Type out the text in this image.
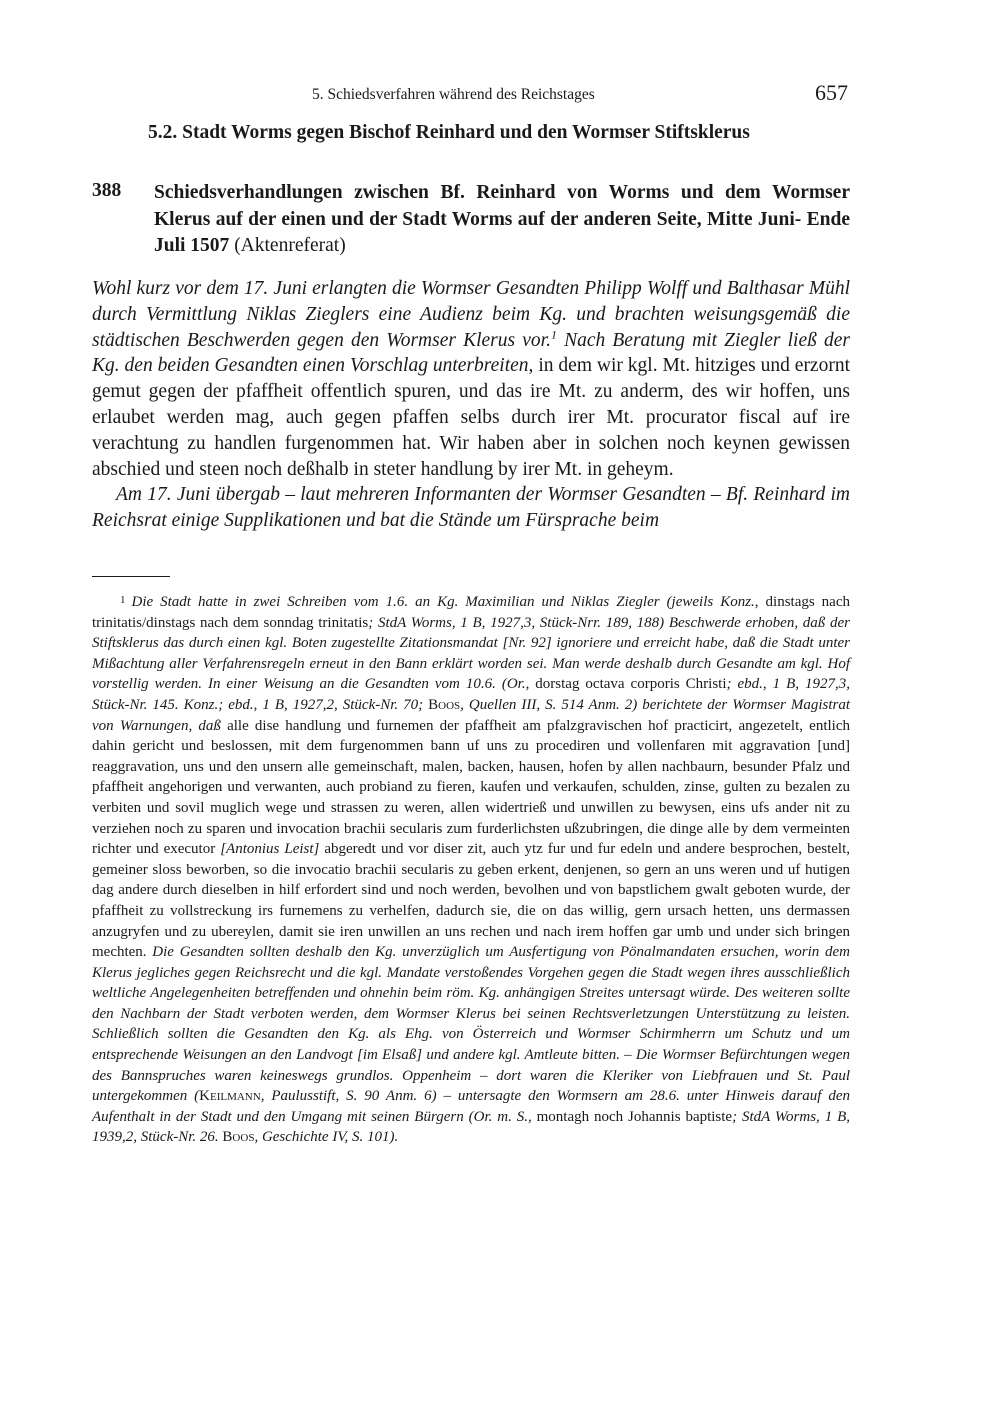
5. Schiedsverfahren während des Reichstages	657
5.2. Stadt Worms gegen Bischof Reinhard und den Wormser Stiftsklerus
388 Schiedsverhandlungen zwischen Bf. Reinhard von Worms und dem Wormser Klerus auf der einen und der Stadt Worms auf der anderen Seite, Mitte Juni- Ende Juli 1507 (Aktenreferat)

Wohl kurz vor dem 17. Juni erlangten die Wormser Gesandten Philipp Wolff und Balthasar Mühl durch Vermittlung Niklas Zieglers eine Audienz beim Kg. und brachten weisungsgemäß die städtischen Beschwerden gegen den Wormser Klerus vor.$^1$ Nach Beratung mit Ziegler ließ der Kg. den beiden Gesandten einen Vorschlag unterbreiten, in dem wir kgl. Mt. hitziges und erzornt gemut gegen der pfaffheit offentlich spuren, und das ire Mt. zu anderm, des wir hoffen, uns erlaubet werden mag, auch gegen pfaffen selbs durch irer Mt. procurator fiscal auf ire verachtung zu handlen furgenommen hat. Wir haben aber in solchen noch keynen gewissen abschied und steen noch deßhalb in steter handlung by irer Mt. in geheym.

Am 17. Juni übergab – laut mehreren Informanten der Wormser Gesandten – Bf. Reinhard im Reichsrat einige Supplikationen und bat die Stände um Fürsprache beim

$^1$ Die Stadt hatte in zwei Schreiben vom 1.6. an Kg. Maximilian und Niklas Ziegler (jeweils Konz., dinstags nach trinitatis/dinstags nach dem sonndag trinitatis; StdA Worms, 1 B, 1927,3, Stück-Nrr. 189, 188) Beschwerde erhoben, daß der Stiftsklerus das durch einen kgl. Boten zugestellte Zitationsmandat [Nr. 92] ignoriere und erreicht habe, daß die Stadt unter Mißachtung aller Verfahrensregeln erneut in den Bann erklärt worden sei. Man werde deshalb durch Gesandte am kgl. Hof vorstellig werden. In einer Weisung an die Gesandten vom 10.6. (Or., dorstag octava corporis Christi; ebd., 1 B, 1927,3, Stück-Nr. 145. Konz.; ebd., 1 B, 1927,2, Stück-Nr. 70; Boos, Quellen III, S. 514 Anm. 2) berichtete der Wormser Magistrat von Warnungen, daß alle dise handlung und furnemen der pfaffheit am pfalzgravischen hof practicirt, angezetelt, entlich dahin gericht und beslossen, mit dem furgenommen bann uf uns zu procediren und vollenfaren mit aggravation [und] reaggravation, uns und den unsern alle gemeinschaft, malen, backen, hausen, hofen by allen nachbaurn, besunder Pfalz und pfaffheit angehorigen und verwanten, auch probiand zu fieren, kaufen und verkaufen, schulden, zinse, gulten zu bezalen zu verbiten und sovil muglich wege und strassen zu weren, allen widertrieß und unwillen zu bewysen, eins ufs ander nit zu verziehen noch zu sparen und invocation brachii secularis zum furderlichsten ußzubringen, die dinge alle by dem vermeinten richter und executor [Antonius Leist] abgeredt und vor diser zit, auch ytz fur und fur edeln und andere besprochen, bestelt, gemeiner sloss beworben, so die invocatio brachii secularis zu geben erkent, denjenen, so gern an uns weren und uf hutigen dag andere durch dieselben in hilf erfordert sind und noch werden, bevolhen und von bapstlichem gwalt geboten wurde, der pfaffheit zu vollstreckung irs furnemens zu verhelfen, dadurch sie, die on das willig, gern ursach hetten, uns dermassen anzugryfen und zu ubereylen, damit sie iren unwillen an uns rechen und nach irem hoffen gar umb und under sich bringen mechten. Die Gesandten sollten deshalb den Kg. unverzüglich um Ausfertigung von Pönalmandaten ersuchen, worin dem Klerus jegliches gegen Reichsrecht und die kgl. Mandate verstoßendes Vorgehen gegen die Stadt wegen ihres ausschließlich weltliche Angelegenheiten betreffenden und ohnehin beim röm. Kg. anhängigen Streites untersagt würde. Des weiteren sollte den Nachbarn der Stadt verboten werden, dem Wormser Klerus bei seinen Rechtsverletzungen Unterstützung zu leisten. Schließlich sollten die Gesandten den Kg. als Ehg. von Österreich und Wormser Schirmherrn um Schutz und um entsprechende Weisungen an den Landvogt [im Elsaß] und andere kgl. Amtleute bitten. – Die Wormser Befürchtungen wegen des Bannspruches waren keineswegs grundlos. Oppenheim – dort waren die Kleriker von Liebfrauen und St. Paul untergekommen (Keilmann, Paulusstift, S. 90 Anm. 6) – untersagte den Wormsern am 28.6. unter Hinweis darauf den Aufenthalt in der Stadt und den Umgang mit seinen Bürgern (Or. m. S., montagh noch Johannis baptiste; StdA Worms, 1 B, 1939,2, Stück-Nr. 26. Boos, Geschichte IV, S. 101).
